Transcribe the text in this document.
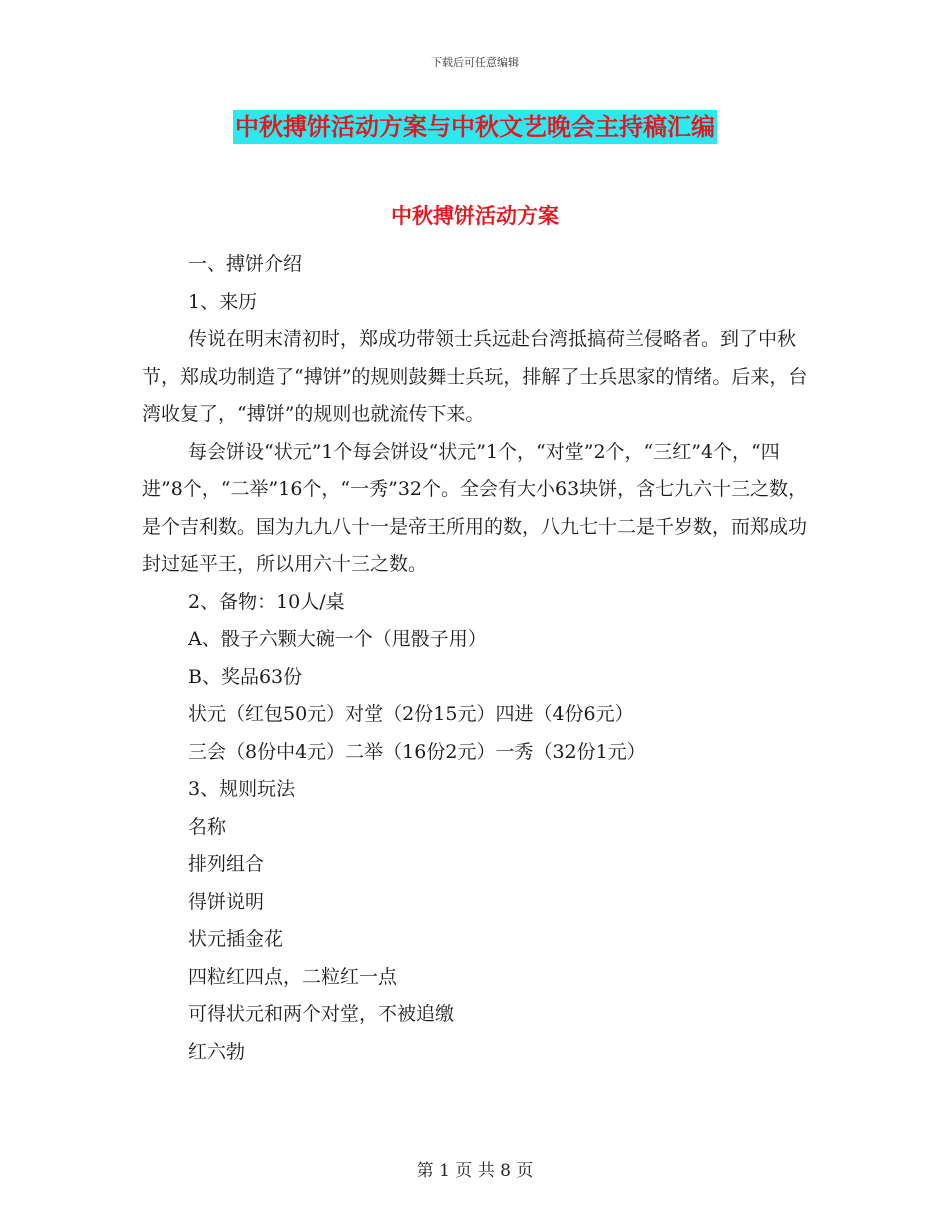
下载后可任意编辑
中秋搏饼活动方案与中秋文艺晚会主持稿汇编
中秋搏饼活动方案

一、搏饼介绍

1、来历

传说在明末清初时，郑成功带领士兵远赴台湾抵搞荷兰侵略者。到了中秋节，郑成功制造了“搏饼”的规则鼓舞士兵玩，排解了士兵思家的情绪。后来，台湾收复了，“搏饼”的规则也就流传下来。

每会饼设“状元”1个每会饼设“状元”1个，“对堂”2个，“三红”4个，“四进”8个，“二举”16个，“一秀”32个。全会有大小63块饼，含七九六十三之数，是个吉利数。国为九九八十一是帝王所用的数，八九七十二是千岁数，而郑成功封过延平王，所以用六十三之数。

2、备物：10人/桌

A、骰子六颗大碗一个（甩骰子用）

B、奖品63份

状元（红包50元）对堂（2份15元）四进（4份6元）

三会（8份中4元）二举（16份2元）一秀（32份1元）

3、规则玩法

名称

排列组合

得饼说明

状元插金花

四粒红四点，二粒红一点

可得状元和两个对堂，不被追缴

红六勃

第 1 页 共 8 页
